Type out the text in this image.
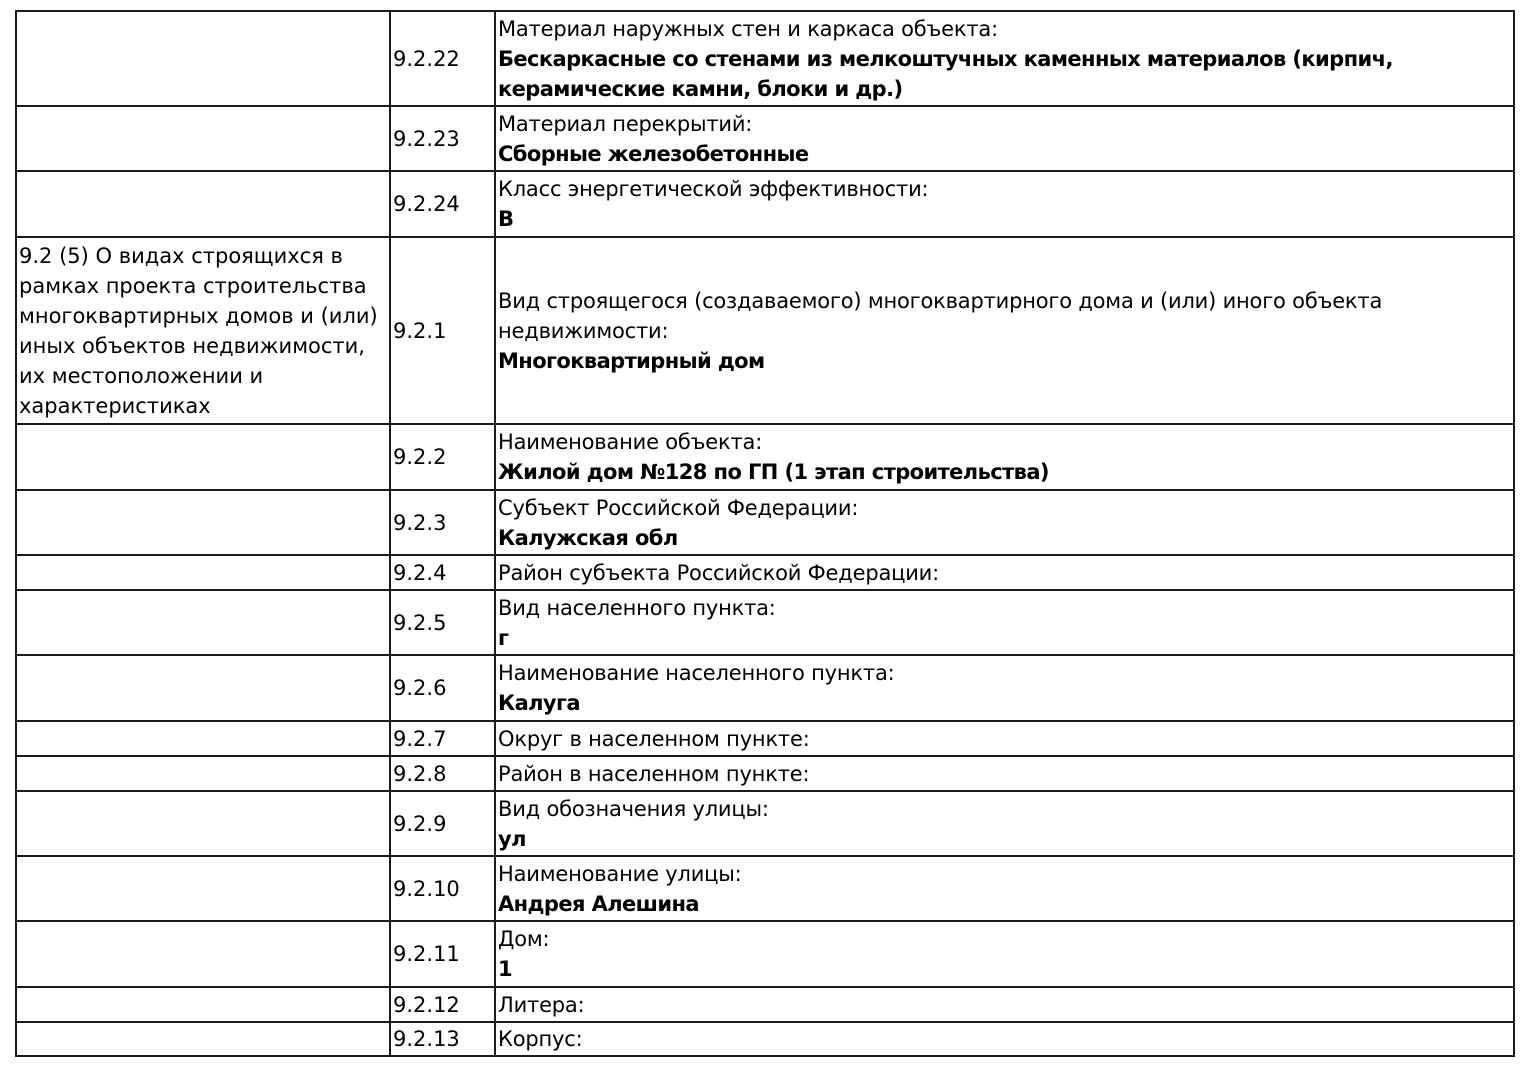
	9.2.22	Материал наружных стен и каркаса объекта:
Бескаркасные со стенами из мелкоштучных каменных материалов (кирпич, керамические камни, блоки и др.)

	9.2.23	Материал перекрытий:
Сборные железобетонные

	9.2.24	Класс энергетической эффективности:
В

9.2 (5) О видах строящихся в рамках проекта строительства многоквартирных домов и (или) иных объектов недвижимости, их местоположении и характеристиках	9.2.1	Вид строящегося (создаваемого) многоквартирного дома и (или) иного объекта недвижимости:
Многоквартирный дом

	9.2.2	Наименование объекта:
Жилой дом №128 по ГП (1 этап строительства)

	9.2.3	Субъект Российской Федерации:
Калужская обл

	9.2.4	Район субъекта Российской Федерации:

	9.2.5	Вид населенного пункта:
г

	9.2.6	Наименование населенного пункта:
Калуга

	9.2.7	Округ в населенном пункте:

	9.2.8	Район в населенном пункте:

	9.2.9	Вид обозначения улицы:
ул

	9.2.10	Наименование улицы:
Андрея Алешина

	9.2.11	Дом:
1

	9.2.12	Литера:

	9.2.13	Корпус:
